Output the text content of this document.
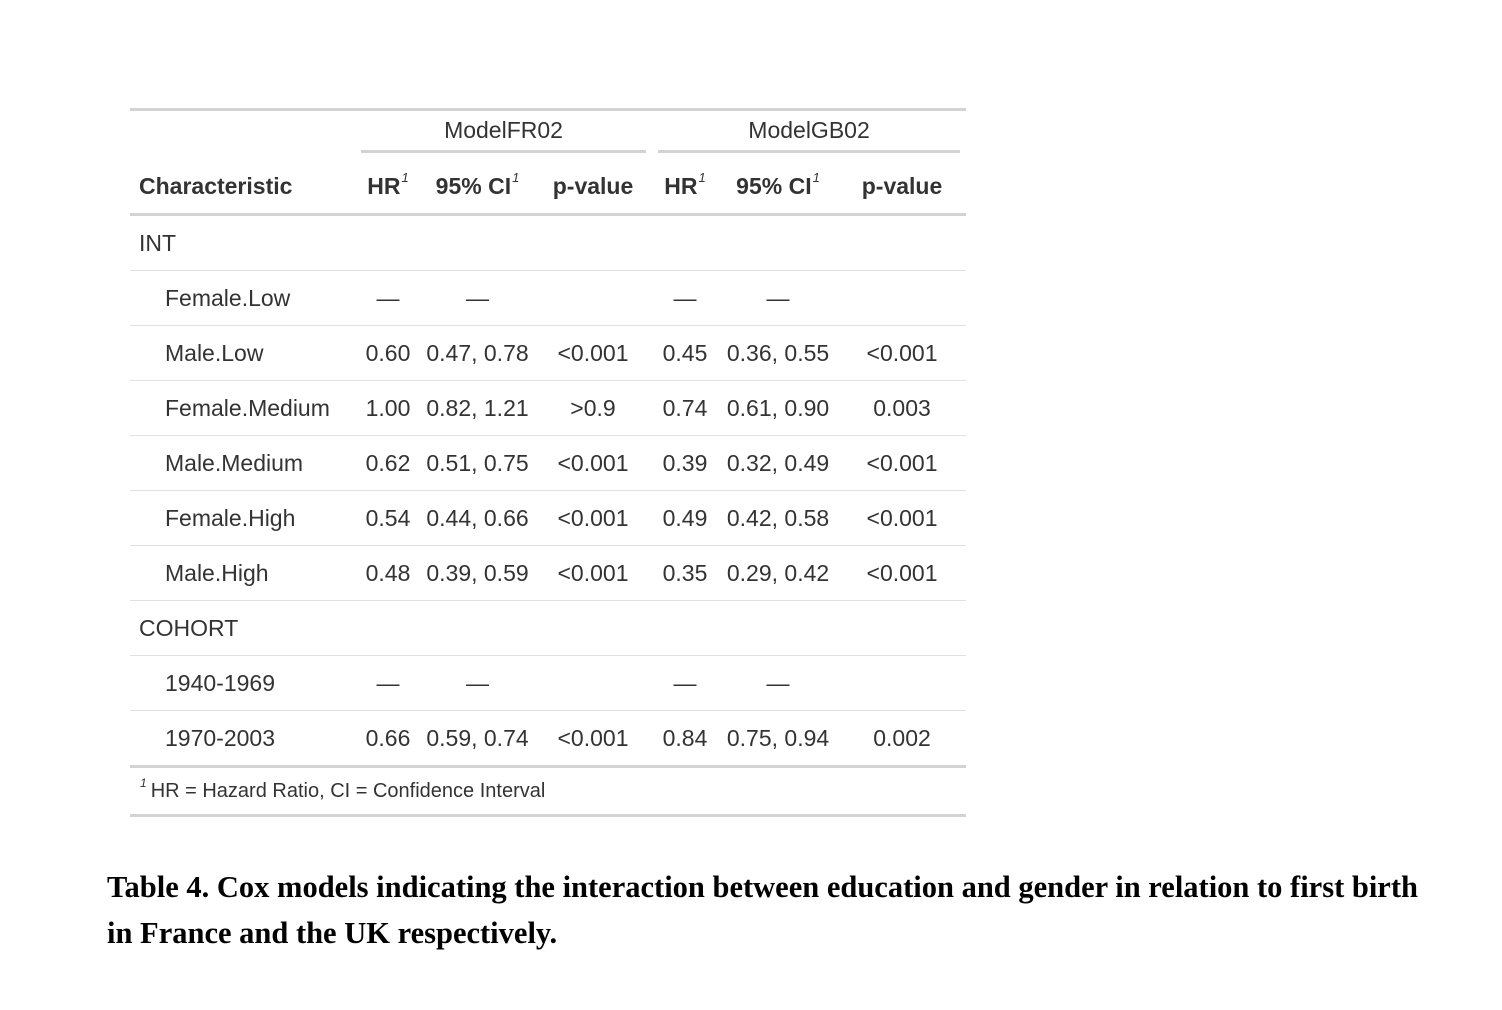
	ModelFR02			ModelGB02		

Characteristic	$HR^1$	95% $CI^1$	p-value	$HR^1$	95% $CI^1$	p-value
INT						
Female.Low	—	—		—	—	
Male.Low	0.60	0.47, 0.78	<0.001	0.45	0.36, 0.55	<0.001
Female.Medium	1.00	0.82, 1.21	>0.9	0.74	0.61, 0.90	0.003
Male.Medium	0.62	0.51, 0.75	<0.001	0.39	0.32, 0.49	<0.001
Female.High	0.54	0.44, 0.66	<0.001	0.49	0.42, 0.58	<0.001
Male.High	0.48	0.39, 0.59	<0.001	0.35	0.29, 0.42	<0.001
COHORT						
1940-1969	—	—		—	—	
1970-2003	0.66	0.59, 0.74	<0.001	0.84	0.75, 0.94	0.002
$^1$ HR = Hazard Ratio, CI = Confidence Interval						
Table 4. Cox models indicating the interaction between education and gender in relation to first birth in France and the UK respectively.
